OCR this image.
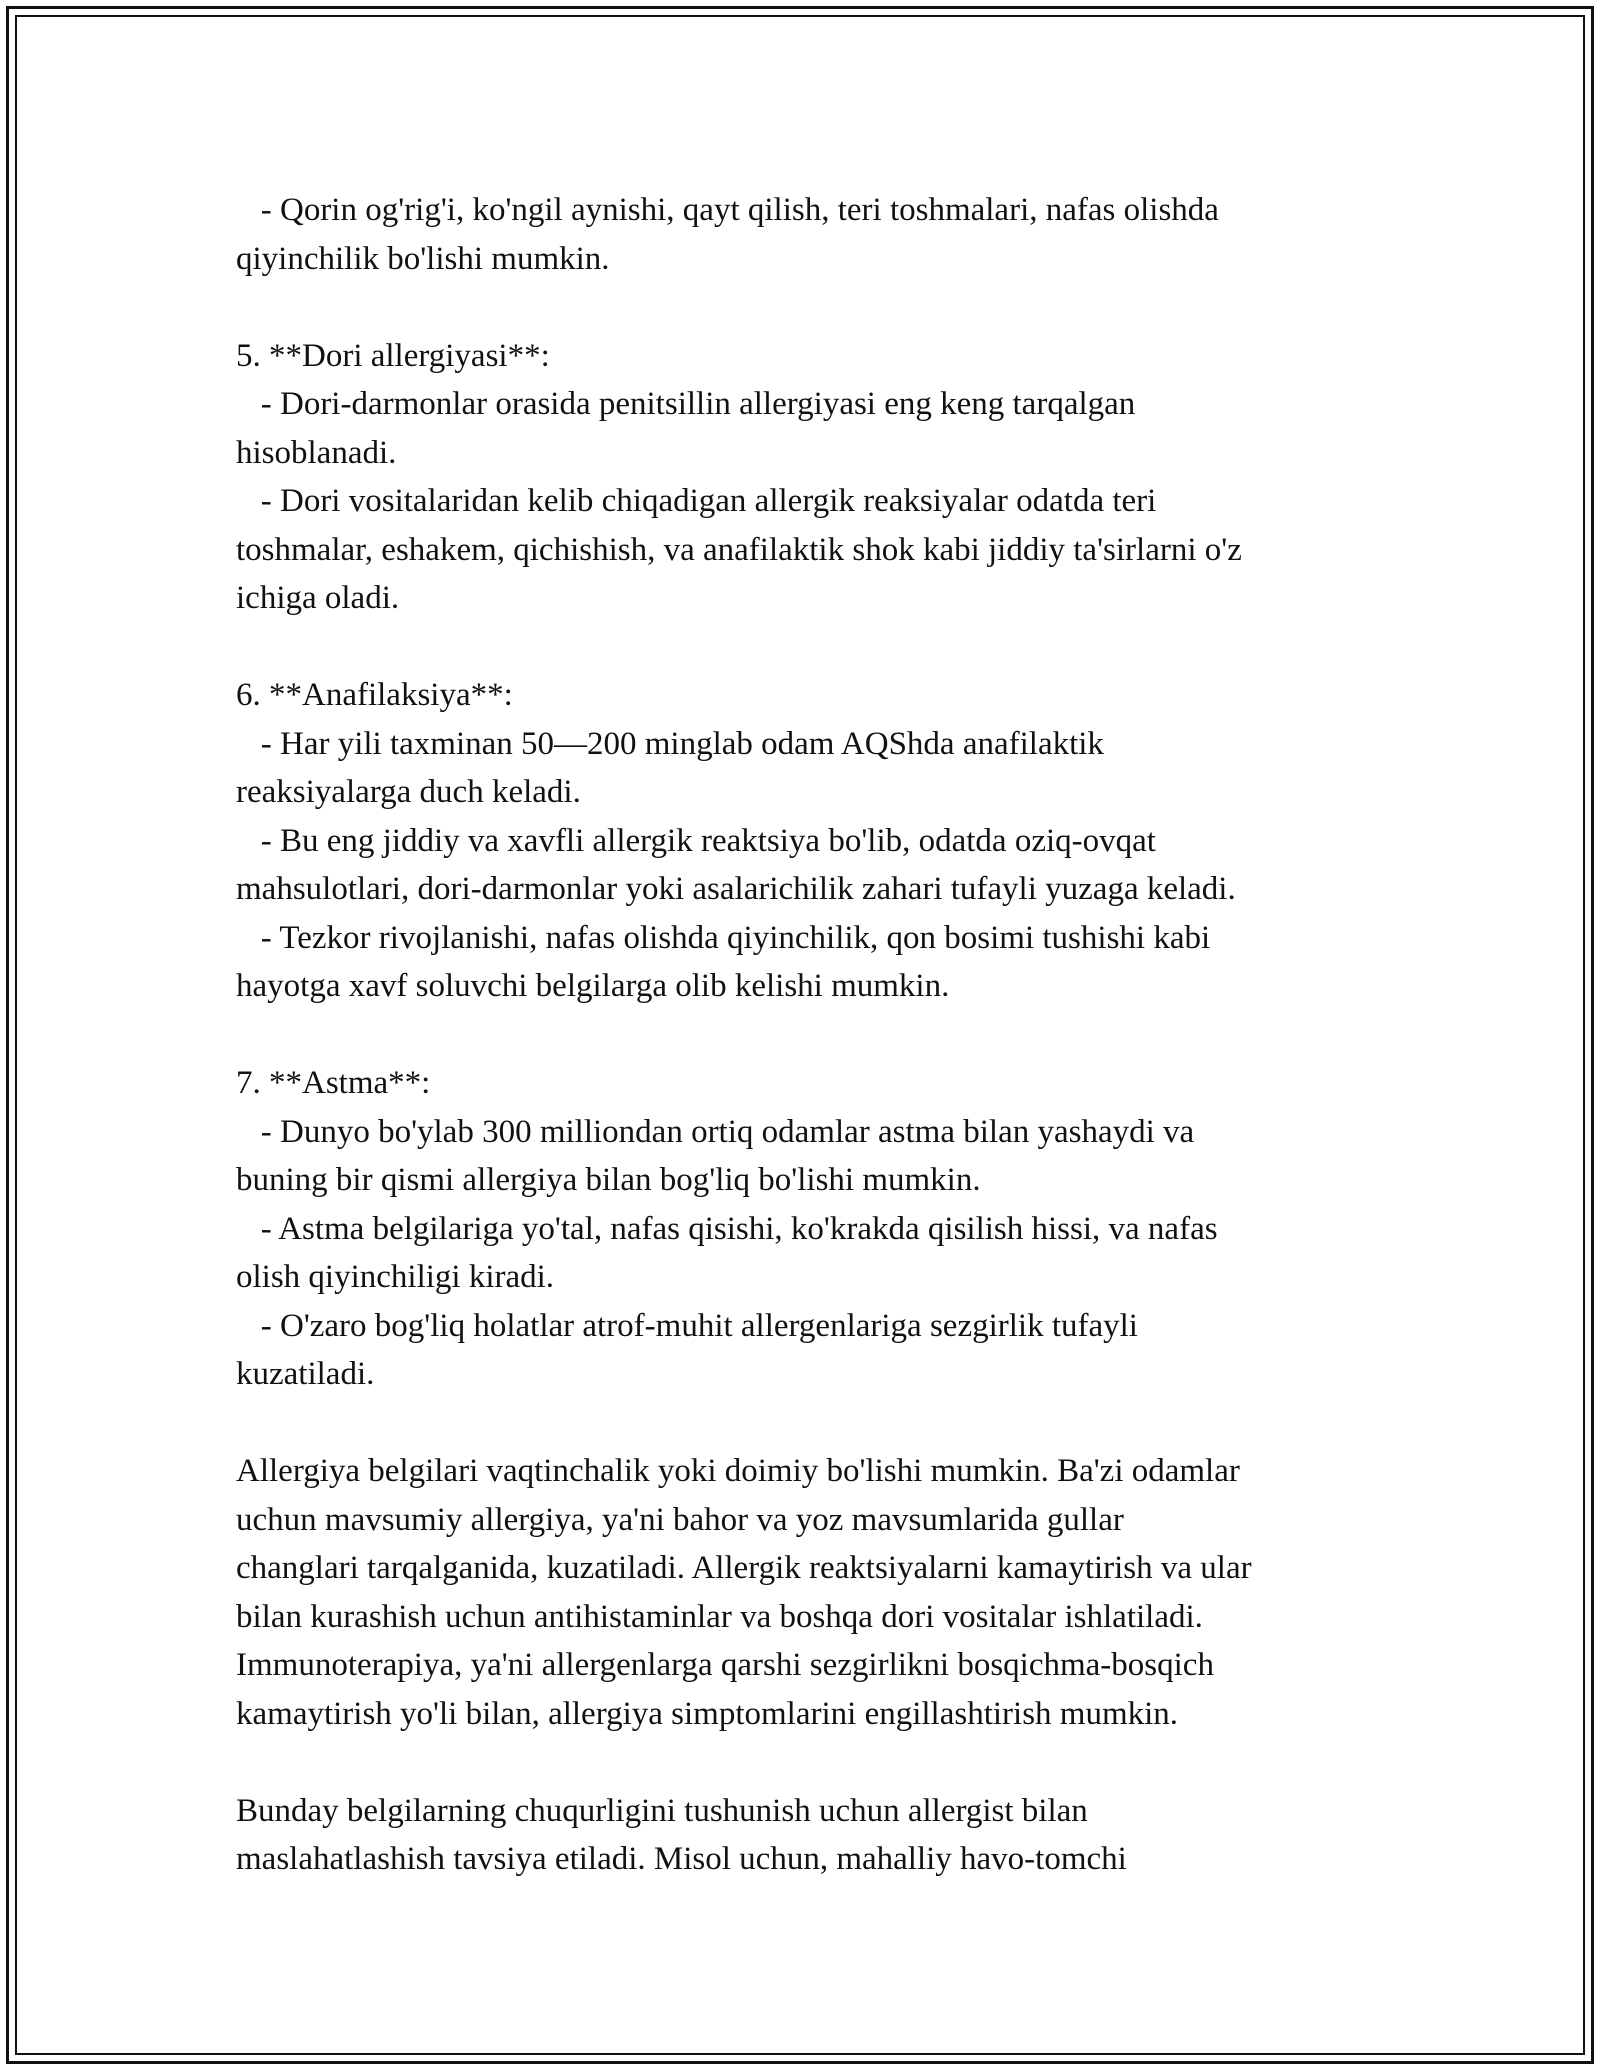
- Qorin og'rig'i, ko'ngil aynishi, qayt qilish, teri toshmalari, nafas olishda
qiyinchilik bo'lishi mumkin.
5. **Dori allergiyasi**:
- Dori-darmonlar orasida penitsillin allergiyasi eng keng tarqalgan
hisoblanadi.
- Dori vositalaridan kelib chiqadigan allergik reaksiyalar odatda teri
toshmalar, eshakem, qichishish, va anafilaktik shok kabi jiddiy ta'sirlarni o'z
ichiga oladi.
6. **Anafilaksiya**:
- Har yili taxminan 50—200 minglab odam AQShda anafilaktik
reaksiyalarga duch keladi.
- Bu eng jiddiy va xavfli allergik reaktsiya bo'lib, odatda oziq-ovqat
mahsulotlari, dori-darmonlar yoki asalarichilik zahari tufayli yuzaga keladi.
- Tezkor rivojlanishi, nafas olishda qiyinchilik, qon bosimi tushishi kabi
hayotga xavf soluvchi belgilarga olib kelishi mumkin.
7. **Astma**:
- Dunyo bo'ylab 300 milliondan ortiq odamlar astma bilan yashaydi va
buning bir qismi allergiya bilan bog'liq bo'lishi mumkin.
- Astma belgilariga yo'tal, nafas qisishi, ko'krakda qisilish hissi, va nafas
olish qiyinchiligi kiradi.
- O'zaro bog'liq holatlar atrof-muhit allergenlariga sezgirlik tufayli
kuzatiladi.
Allergiya belgilari vaqtinchalik yoki doimiy bo'lishi mumkin. Ba'zi odamlar
uchun mavsumiy allergiya, ya'ni bahor va yoz mavsumlarida gullar
changlari tarqalganida, kuzatiladi. Allergik reaktsiyalarni kamaytirish va ular
bilan kurashish uchun antihistaminlar va boshqa dori vositalar ishlatiladi.
Immunoterapiya, ya'ni allergenlarga qarshi sezgirlikni bosqichma-bosqich
kamaytirish yo'li bilan, allergiya simptomlarini engillashtirish mumkin.
Bunday belgilarning chuqurligini tushunish uchun allergist bilan
maslahatlashish tavsiya etiladi. Misol uchun, mahalliy havo-tomchi
